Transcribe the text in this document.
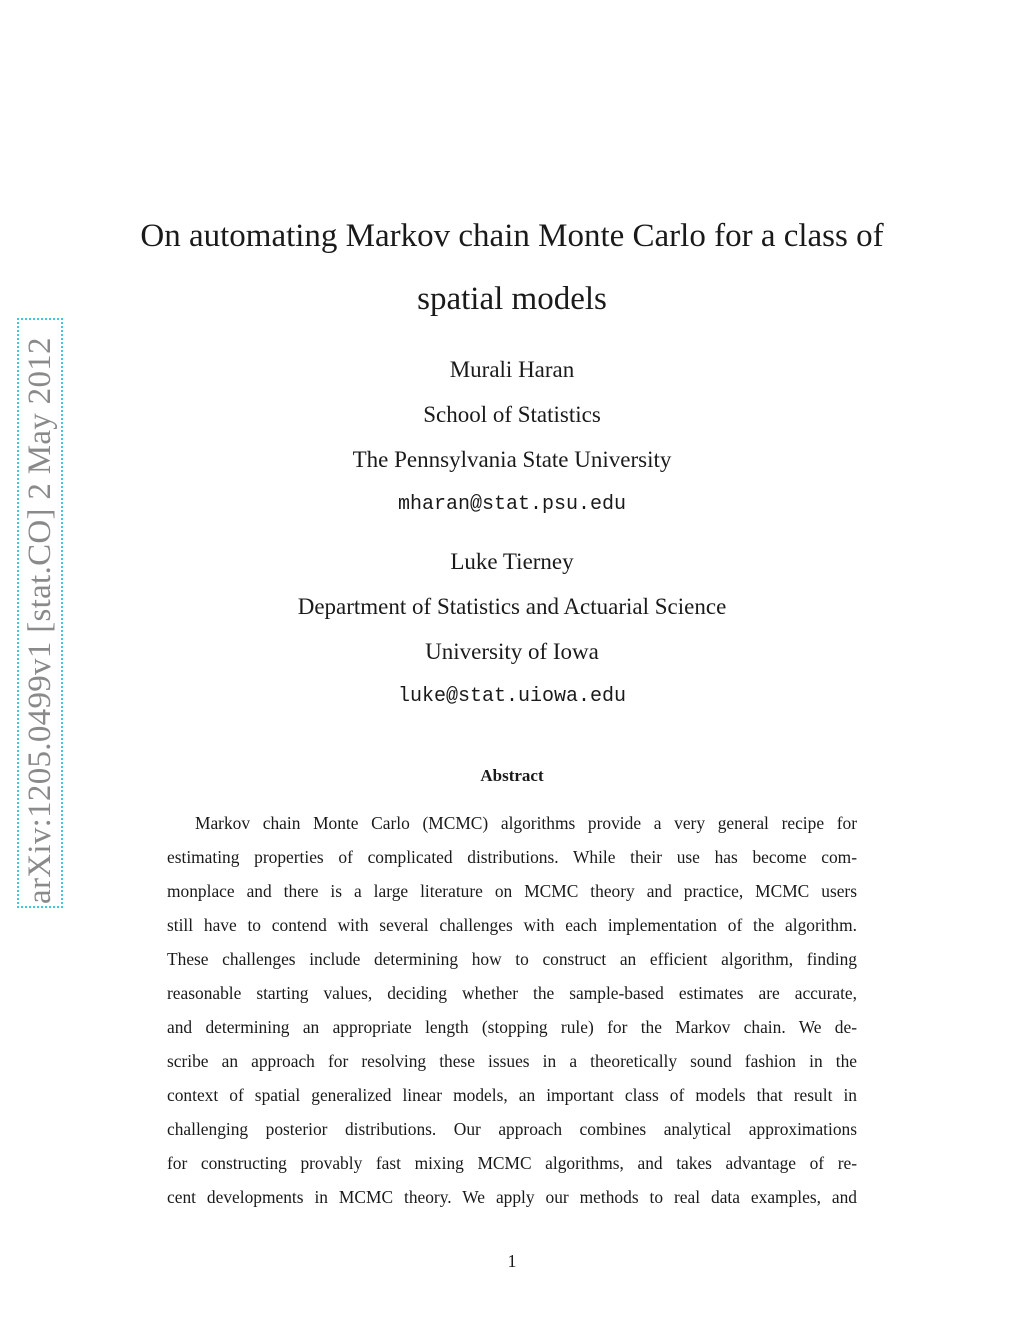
arXiv:1205.0499v1 [stat.CO] 2 May 2012
On automating Markov chain Monte Carlo for a class of
spatial models
Murali Haran
School of Statistics
The Pennsylvania State University
mharan@stat.psu.edu
Luke Tierney
Department of Statistics and Actuarial Science
University of Iowa
luke@stat.uiowa.edu
Abstract
Markov chain Monte Carlo (MCMC) algorithms provide a very general recipe for
estimating properties of complicated distributions. While their use has become com-
monplace and there is a large literature on MCMC theory and practice, MCMC users
still have to contend with several challenges with each implementation of the algorithm.
These challenges include determining how to construct an efficient algorithm, finding
reasonable starting values, deciding whether the sample-based estimates are accurate,
and determining an appropriate length (stopping rule) for the Markov chain. We de-
scribe an approach for resolving these issues in a theoretically sound fashion in the
context of spatial generalized linear models, an important class of models that result in
challenging posterior distributions. Our approach combines analytical approximations
for constructing provably fast mixing MCMC algorithms, and takes advantage of re-
cent developments in MCMC theory. We apply our methods to real data examples, and
1
